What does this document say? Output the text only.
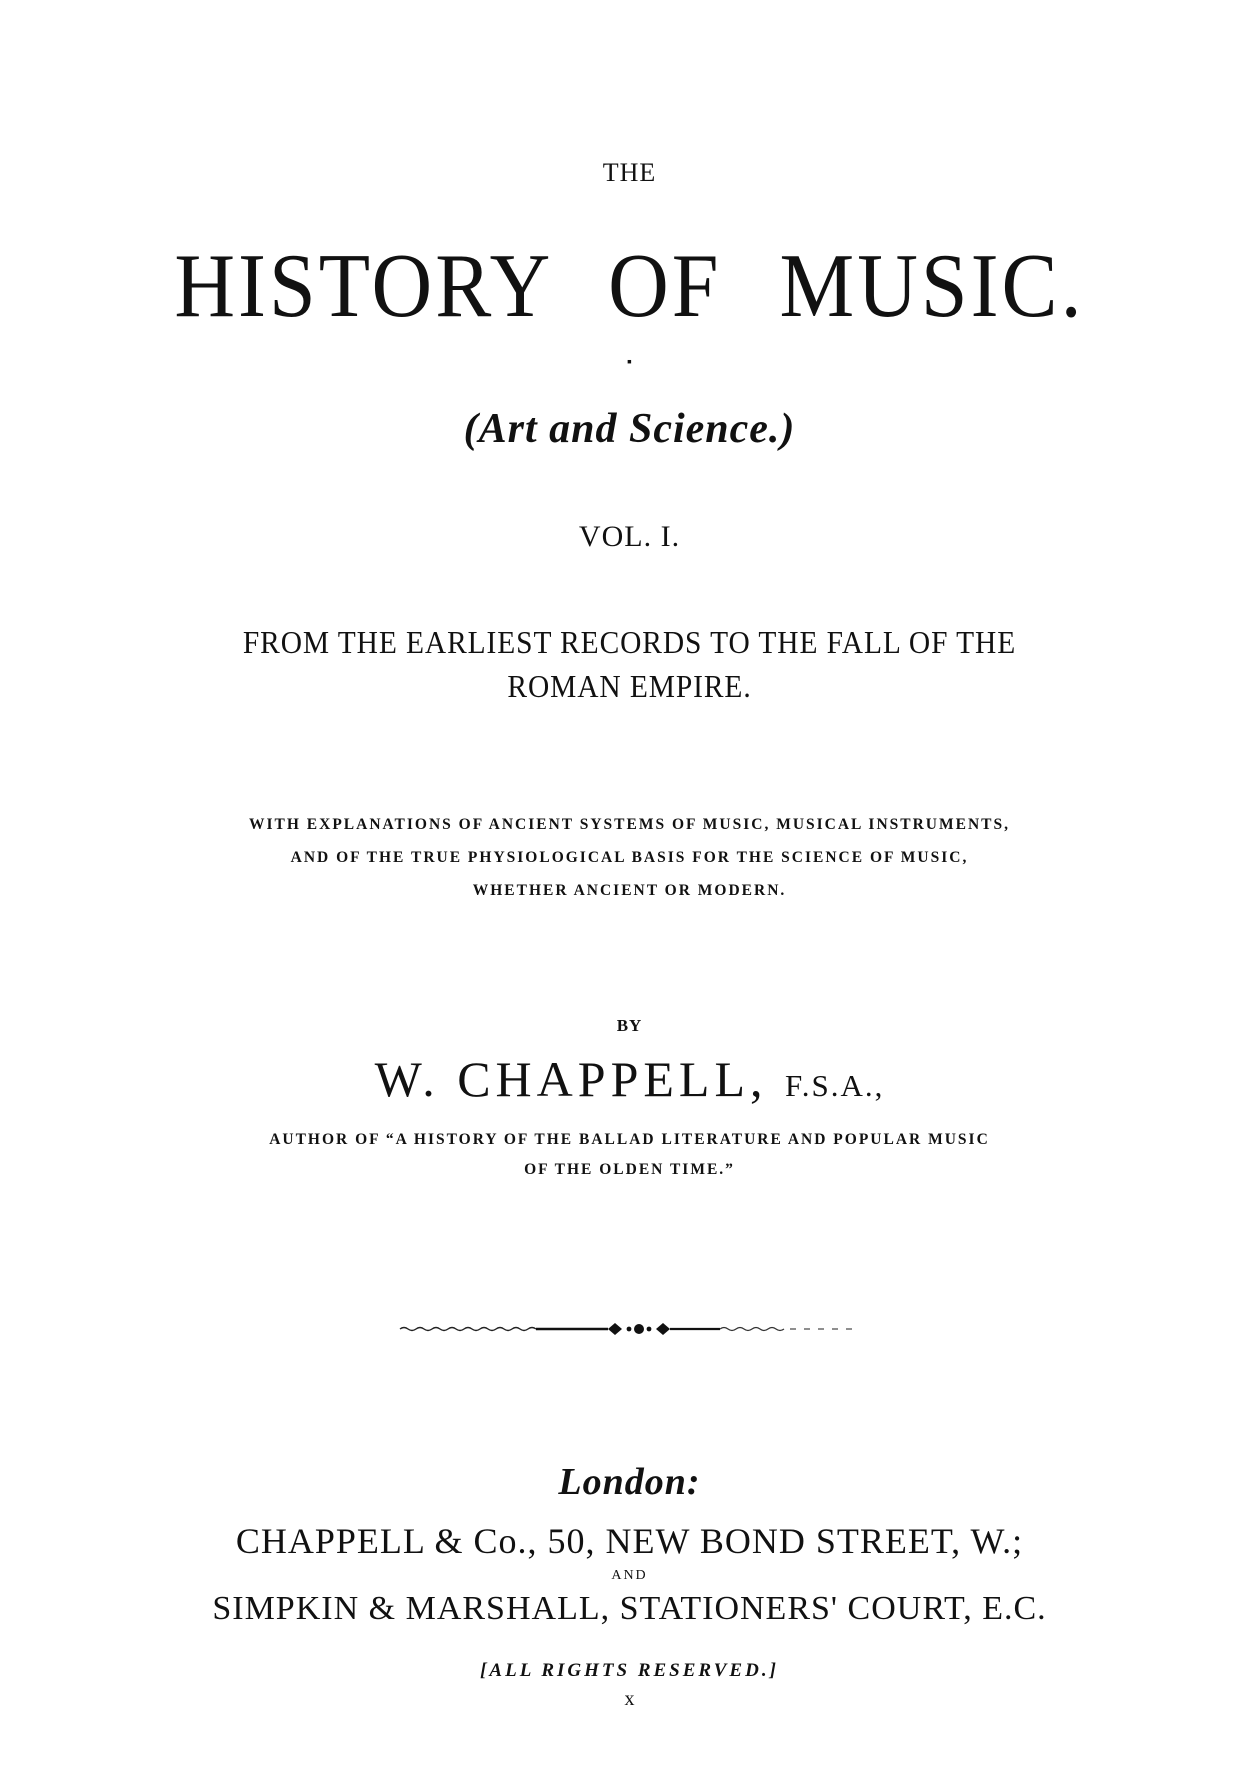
THE
HISTORY OF MUSIC.
▪
(Art and Science.)
VOL. I.
FROM THE EARLIEST RECORDS TO THE FALL OF THE
ROMAN EMPIRE.
WITH EXPLANATIONS OF ANCIENT SYSTEMS OF MUSIC, MUSICAL INSTRUMENTS,
AND OF THE TRUE PHYSIOLOGICAL BASIS FOR THE SCIENCE OF MUSIC,
WHETHER ANCIENT OR MODERN.
BY
W. CHAPPELL, F.S.A.,
AUTHOR OF “A HISTORY OF THE BALLAD LITERATURE AND POPULAR MUSIC
OF THE OLDEN TIME.”
London:
CHAPPELL & Co., 50, NEW BOND STREET, W.;
AND
SIMPKIN & MARSHALL, STATIONERS' COURT, E.C.
[ALL RIGHTS RESERVED.]
x
